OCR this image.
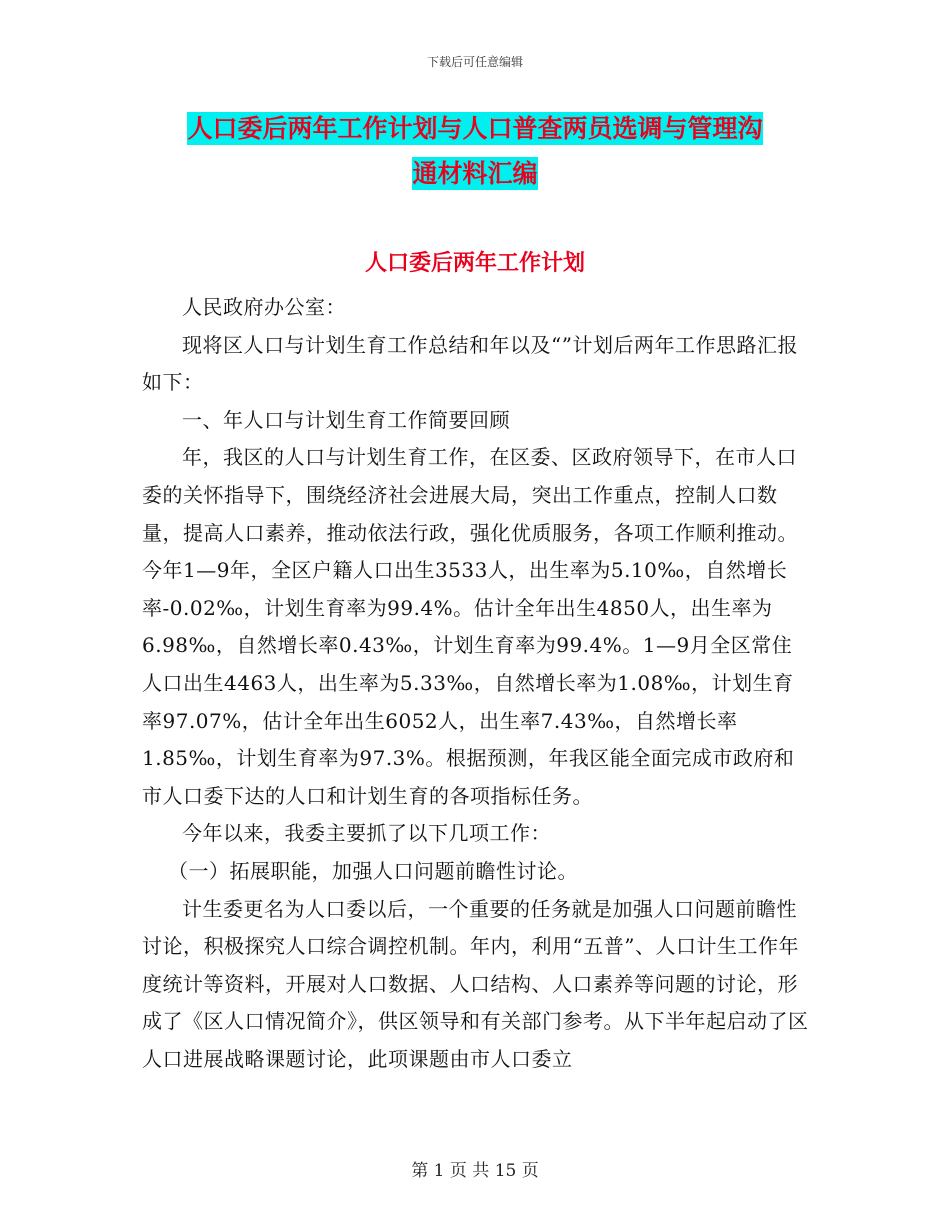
下载后可任意编辑
人口委后两年工作计划与人口普查两员选调与管理沟
通材料汇编
人口委后两年工作计划

人民政府办公室：

现将区人口与计划生育工作总结和年以及“”计划后两年工作思路汇报如下：

一、年人口与计划生育工作简要回顾

年，我区的人口与计划生育工作，在区委、区政府领导下，在市人口委的关怀指导下，围绕经济社会进展大局，突出工作重点，控制人口数量，提高人口素养，推动依法行政，强化优质服务，各项工作顺利推动。今年1—9年，全区户籍人口出生3533人，出生率为5.10‰，自然增长率-0.02‰，计划生育率为99.4%。估计全年出生4850人，出生率为6.98‰，自然增长率0.43‰，计划生育率为99.4%。1—9月全区常住人口出生4463人，出生率为5.33‰，自然增长率为1.08‰，计划生育率97.07%，估计全年出生6052人，出生率7.43‰，自然增长率1.85‰，计划生育率为97.3%。根据预测，年我区能全面完成市政府和市人口委下达的人口和计划生育的各项指标任务。

今年以来，我委主要抓了以下几项工作：

（一）拓展职能，加强人口问题前瞻性讨论。

计生委更名为人口委以后，一个重要的任务就是加强人口问题前瞻性讨论，积极探究人口综合调控机制。年内，利用“五普”、人口计生工作年度统计等资料，开展对人口数据、人口结构、人口素养等问题的讨论，形成了《区人口情况简介》，供区领导和有关部门参考。从下半年起启动了区人口进展战略课题讨论，此项课题由市人口委立

第 1 页 共 15 页
